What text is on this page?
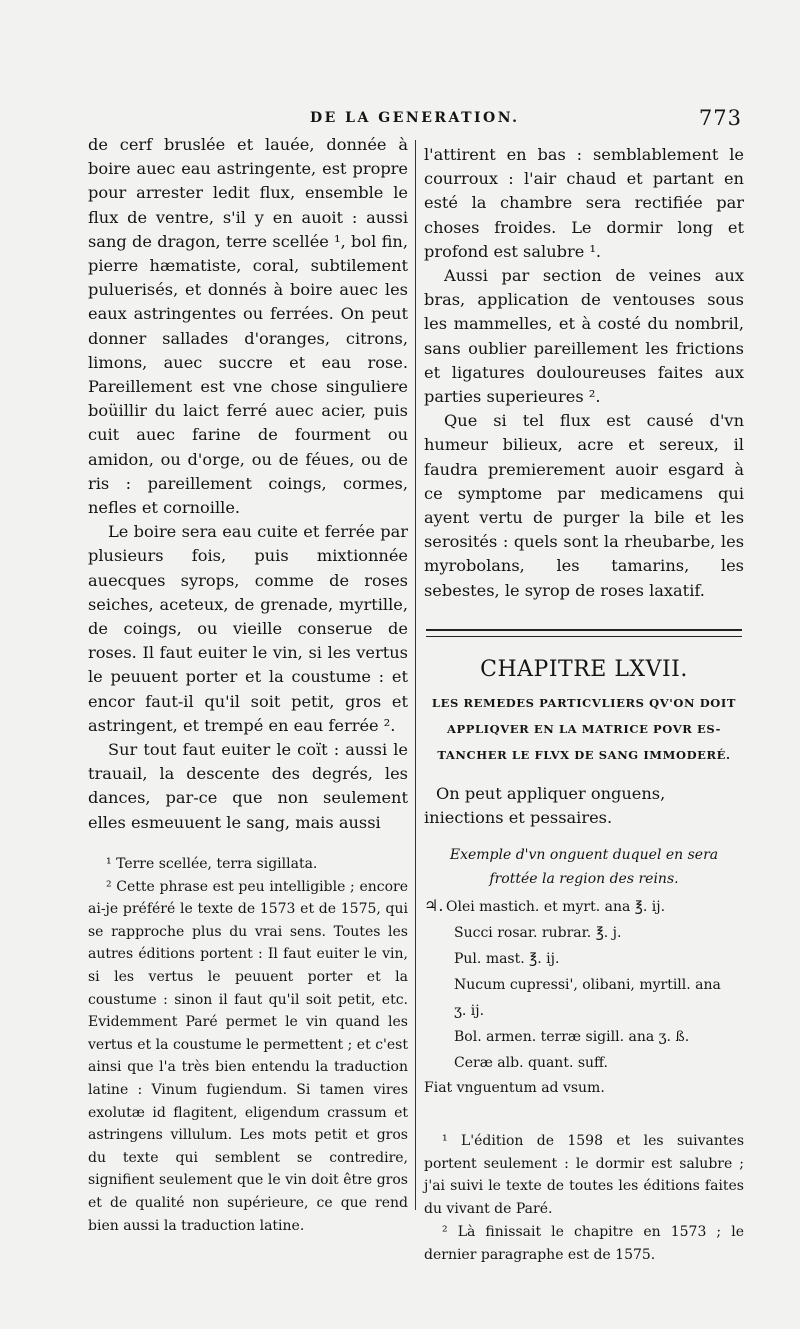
DE LA GENERATION.	773

de cerf bruslée et lauée, donnée à boire auec eau astringente, est propre pour arrester ledit flux, ensemble le flux de ventre, s'il y en auoit : aussi sang de dragon, terre scellée ¹, bol fin, pierre hæmatiste, coral, subtilement puluerisés, et donnés à boire auec les eaux astringentes ou ferrées. On peut donner sallades d'oranges, citrons, limons, auec succre et eau rose. Pareillement est vne chose singuliere boüillir du laict ferré auec acier, puis cuit auec farine de fourment ou amidon, ou d'orge, ou de féues, ou de ris : pareillement coings, cormes, nefles et cornoille.

Le boire sera eau cuite et ferrée par plusieurs fois, puis mixtionnée auecques syrops, comme de roses seiches, aceteux, de grenade, myrtille, de coings, ou vieille conserue de roses. Il faut euiter le vin, si les vertus le peuuent porter et la coustume : et encor faut-il qu'il soit petit, gros et astringent, et trempé en eau ferrée ².

Sur tout faut euiter le coït : aussi le trauail, la descente des degrés, les dances, par-ce que non seulement elles esmeuuent le sang, mais aussi

¹ Terre scellée, terra sigillata.

² Cette phrase est peu intelligible ; encore ai-je préféré le texte de 1573 et de 1575, qui se rapproche plus du vrai sens. Toutes les autres éditions portent : Il faut euiter le vin, si les vertus le peuuent porter et la coustume : sinon il faut qu'il soit petit, etc. Evidemment Paré permet le vin quand les vertus et la coustume le permettent ; et c'est ainsi que l'a très bien entendu la traduction latine : Vinum fugiendum. Si tamen vires exolutæ id flagitent, eligendum crassum et astringens villulum. Les mots petit et gros du texte qui semblent se contredire, signifient seulement que le vin doit être gros et de qualité non supérieure, ce que rend bien aussi la traduction latine.

l'attirent en bas : semblablement le courroux : l'air chaud et partant en esté la chambre sera rectifiée par choses froides. Le dormir long et profond est salubre ¹.

Aussi par section de veines aux bras, application de ventouses sous les mammelles, et à costé du nombril, sans oublier pareillement les frictions et ligatures douloureuses faites aux parties superieures ².

Que si tel flux est causé d'vn humeur bilieux, acre et sereux, il faudra premierement auoir esgard à ce symptome par medicamens qui ayent vertu de purger la bile et les serosités : quels sont la rheubarbe, les myrobolans, les tamarins, les sebestes, le syrop de roses laxatif.

CHAPITRE LXVII.

LES REMEDES PARTICVLIERS QV'ON DOIT

APPLIQVER EN LA MATRICE POVR ES-

TANCHER LE FLVX DE SANG IMMODERÉ.

On peut appliquer onguens, iniections et pessaires.

Exemple d'vn onguent duquel en sera frottée la region des reins.

♃. Olei mastich. et myrt. ana ℥. ij.
Succi rosar. rubrar. ℥. j.
Pul. mast. ℥. ij.
Nucum cupressi', olibani, myrtill. ana
ʒ. ij.
Bol. armen. terræ sigill. ana ʒ. ß.
Ceræ alb. quant. suff.

Fiat vnguentum ad vsum.

¹ L'édition de 1598 et les suivantes portent seulement : le dormir est salubre ; j'ai suivi le texte de toutes les éditions faites du vivant de Paré.

² Là finissait le chapitre en 1573 ; le dernier paragraphe est de 1575.
